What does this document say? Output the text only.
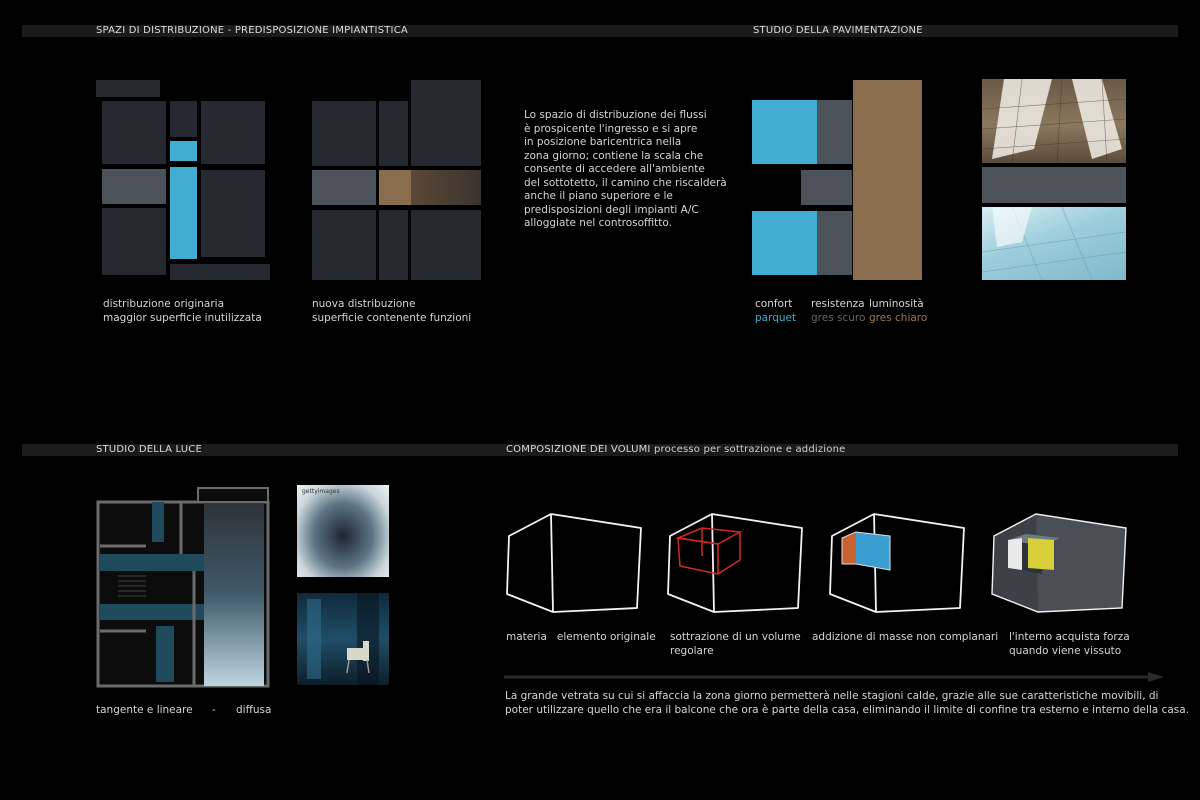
SPAZI DI DISTRIBUZIONE - PREDISPOSIZIONE IMPIANTISTICA	STUDIO DELLA PAVIMENTAZIONE
STUDIO DELLA LUCE	COMPOSIZIONE DEI VOLUMI processo per sottrazione e addizione
distribuzione originaria
maggior superficie inutilizzata
nuova distribuzione
superficie contenente funzioni
Lo spazio di distribuzione dei flussi
è prospicente l'ingresso e si apre
in posizione baricentrica nella
zona giorno; contiene la scala che
consente di accedere all'ambiente
del sottotetto, il camino che riscalderà
anche il piano superiore e le
predisposizioni degli impianti A/C
alloggiate nel controsoffitto.
confort
parquet
resistenza
gres scuro
luminosità
gres chiaro
tangente e lineare - diffusa
gettyimages
materia   elemento originale sottrazione di un volume
regolare
addizione di masse non complanari l'interno acquista forza
quando viene vissuto
La grande vetrata su cui si affaccia la zona giorno permetterà nelle stagioni calde, grazie alle sue caratteristiche movibili, di
poter utilizzare quello che era il balcone che ora è parte della casa, eliminando il limite di confine tra esterno e interno della casa.
